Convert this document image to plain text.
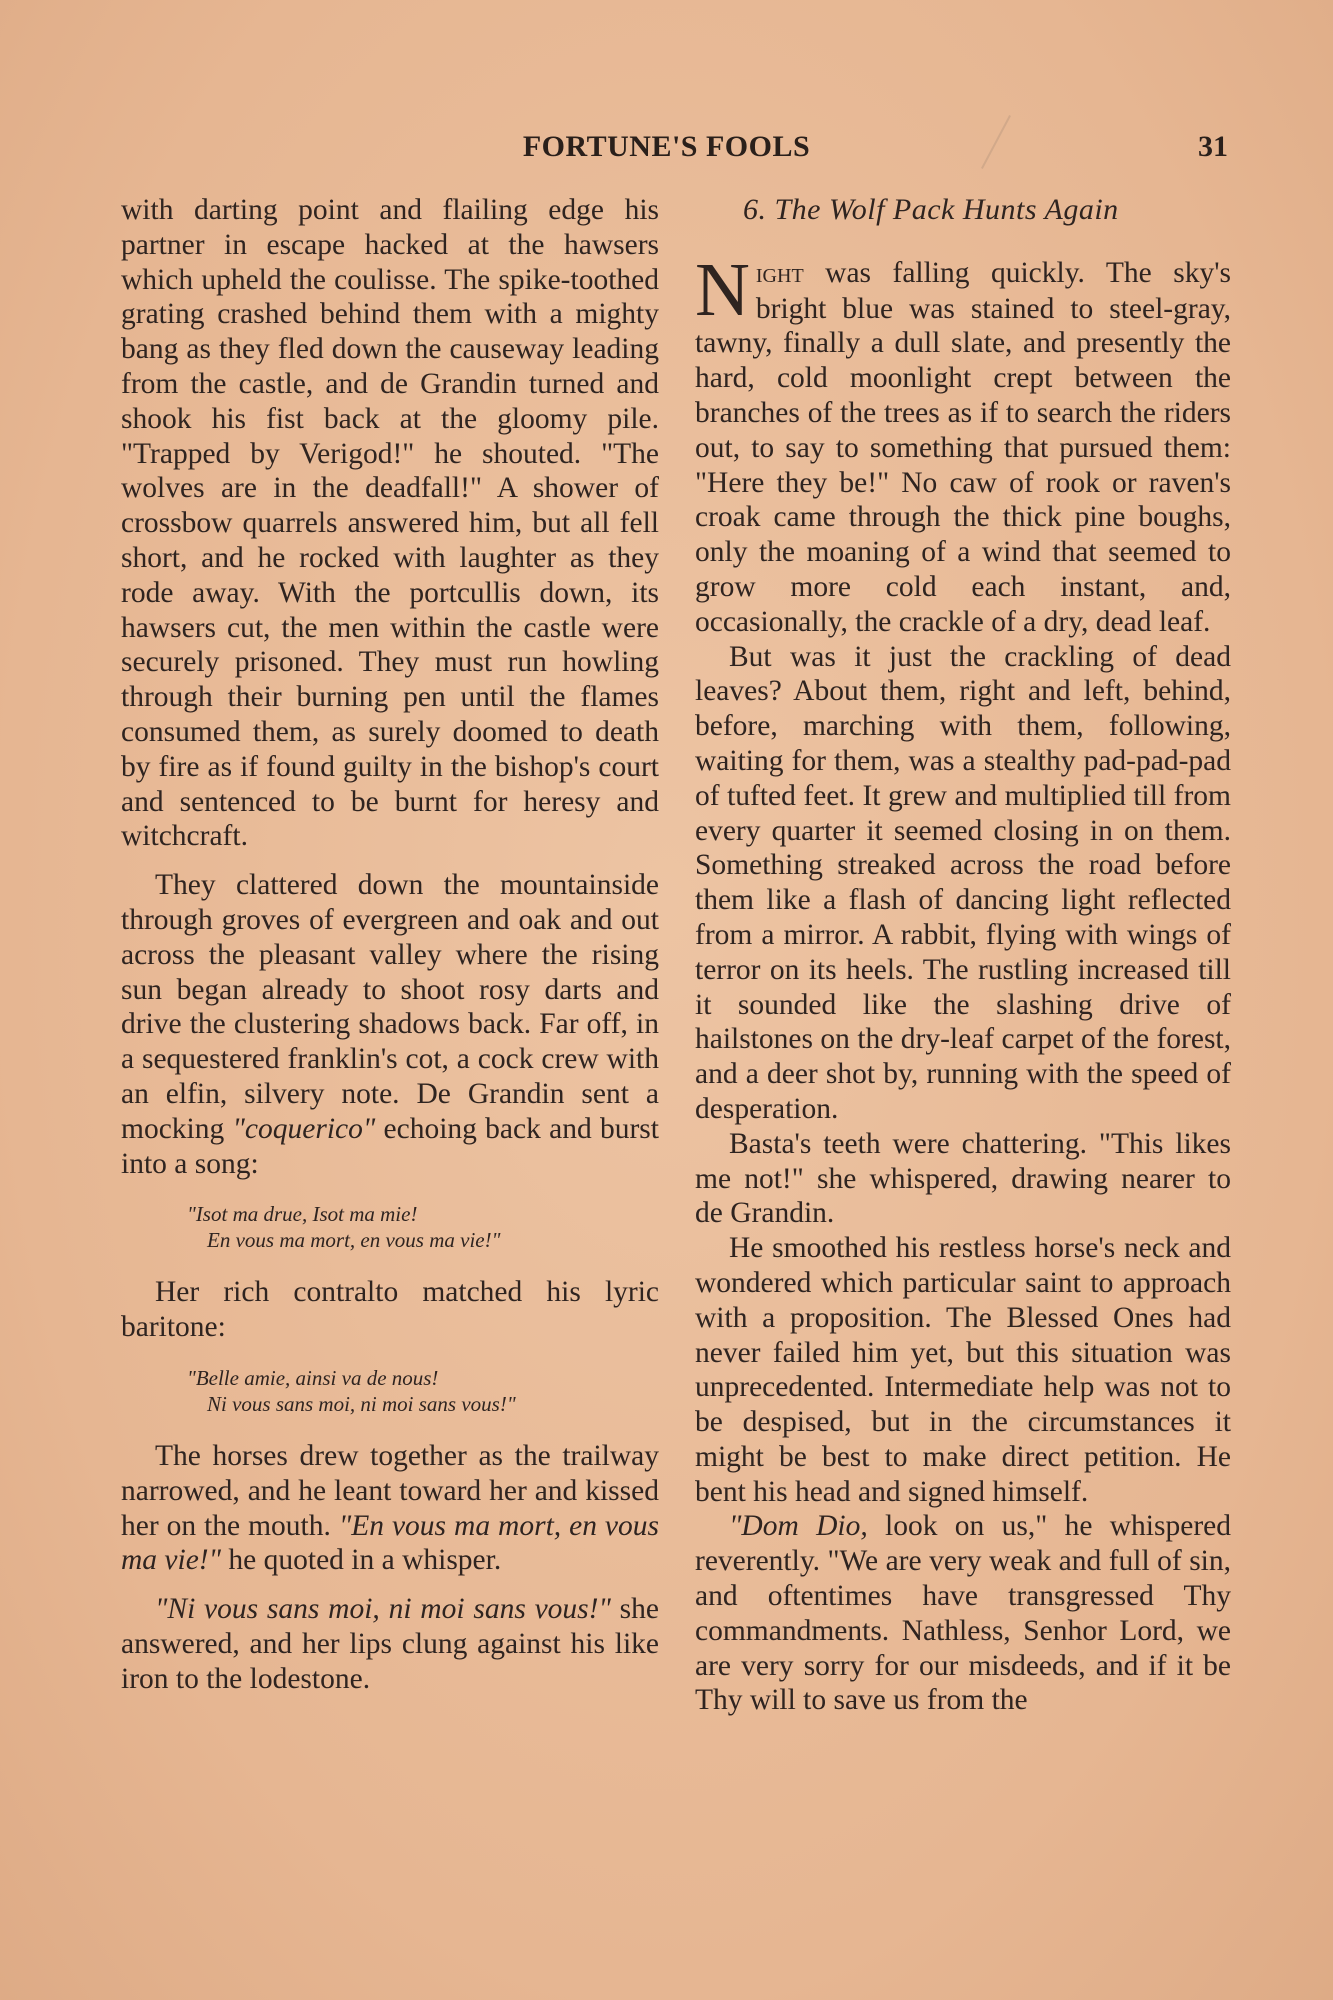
FORTUNE'S FOOLS	31

with darting point and flailing edge his partner in escape hacked at the hawsers which upheld the coulisse. The spike-toothed grating crashed behind them with a mighty bang as they fled down the causeway leading from the castle, and de Grandin turned and shook his fist back at the gloomy pile. "Trapped by Verigod!" he shouted. "The wolves are in the deadfall!" A shower of crossbow quarrels answered him, but all fell short, and he rocked with laughter as they rode away. With the portcullis down, its hawsers cut, the men within the castle were securely prisoned. They must run howling through their burning pen until the flames consumed them, as surely doomed to death by fire as if found guilty in the bishop's court and sentenced to be burnt for heresy and witchcraft.

They clattered down the mountainside through groves of evergreen and oak and out across the pleasant valley where the rising sun began already to shoot rosy darts and drive the clustering shadows back. Far off, in a sequestered franklin's cot, a cock crew with an elfin, silvery note. De Grandin sent a mocking "coquerico" echoing back and burst into a song:

"Isot ma drue, Isot ma mie!
En vous ma mort, en vous ma vie!"

Her rich contralto matched his lyric baritone:

"Belle amie, ainsi va de nous!
Ni vous sans moi, ni moi sans vous!"

The horses drew together as the trailway narrowed, and he leant toward her and kissed her on the mouth. "En vous ma mort, en vous ma vie!" he quoted in a whisper.

"Ni vous sans moi, ni moi sans vous!" she answered, and her lips clung against his like iron to the lodestone.

6. The Wolf Pack Hunts Again

Night was falling quickly. The sky's bright blue was stained to steel-gray, tawny, finally a dull slate, and presently the hard, cold moonlight crept between the branches of the trees as if to search the riders out, to say to something that pursued them: "Here they be!" No caw of rook or raven's croak came through the thick pine boughs, only the moaning of a wind that seemed to grow more cold each instant, and, occasionally, the crackle of a dry, dead leaf.

But was it just the crackling of dead leaves? About them, right and left, behind, before, marching with them, following, waiting for them, was a stealthy pad-pad-pad of tufted feet. It grew and multiplied till from every quarter it seemed closing in on them. Something streaked across the road before them like a flash of dancing light reflected from a mirror. A rabbit, flying with wings of terror on its heels. The rustling increased till it sounded like the slashing drive of hailstones on the dry-leaf carpet of the forest, and a deer shot by, running with the speed of desperation.

Basta's teeth were chattering. "This likes me not!" she whispered, drawing nearer to de Grandin.

He smoothed his restless horse's neck and wondered which particular saint to approach with a proposition. The Blessed Ones had never failed him yet, but this situation was unprecedented. Intermediate help was not to be despised, but in the circumstances it might be best to make direct petition. He bent his head and signed himself.

"Dom Dio, look on us," he whispered reverently. "We are very weak and full of sin, and oftentimes have transgressed Thy commandments. Nathless, Senhor Lord, we are very sorry for our misdeeds, and if it be Thy will to save us from the
